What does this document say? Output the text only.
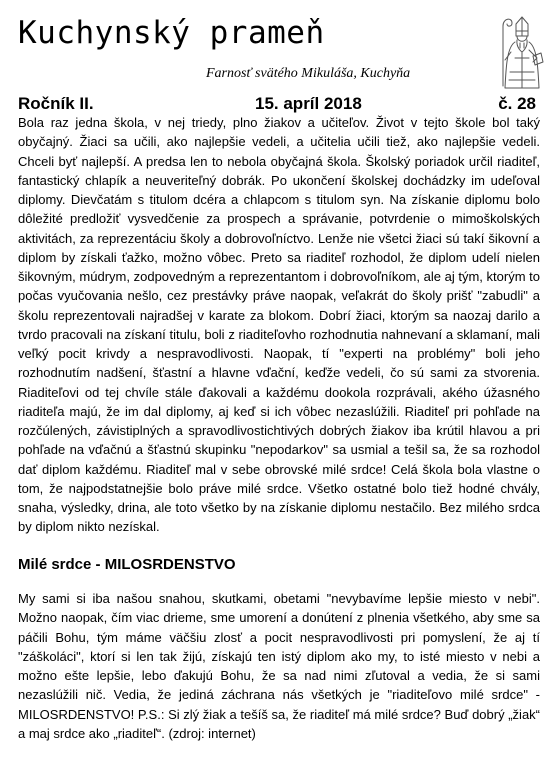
Kuchynský prameň
Farnosť svätého Mikuláša, Kuchyňa
Ročník II.	15. apríl 2018	č. 28

Bola raz jedna škola, v nej triedy, plno žiakov a učiteľov. Život v tejto škole bol taký obyčajný. Žiaci sa učili, ako najlepšie vedeli, a učitelia učili tiež, ako najlepšie vedeli. Chceli byť najlepší. A predsa len to nebola obyčajná škola. Školský poriadok určil riaditeľ, fantastický chlapík a neuveriteľný dobrák. Po ukončení školskej dochádzky im udeľoval diplomy. Dievčatám s titulom dcéra a chlapcom s titulom syn. Na získanie diplomu bolo dôležité predložiť vysvedčenie za prospech a správanie, potvrdenie o mimoškolských aktivitách, za reprezentáciu školy a dobrovoľníctvo. Lenže nie všetci žiaci sú takí šikovní a diplom by získali ťažko, možno vôbec. Preto sa riaditeľ rozhodol, že diplom udelí nielen šikovným, múdrym, zodpovedným a reprezentantom i dobrovoľníkom, ale aj tým, ktorým to počas vyučovania nešlo, cez prestávky práve naopak, veľakrát do školy prišť "zabudli" a školu reprezentovali najradšej v karate za blokom. Dobrí žiaci, ktorým sa naozaj darilo a tvrdo pracovali na získaní titulu, boli z riaditeľovho rozhodnutia nahnevaní a sklamaní, mali veľký pocit krivdy a nespravodlivosti. Naopak, tí "experti na problémy" boli jeho rozhodnutím nadšení, šťastní a hlavne vďační, keďže vedeli, čo sú sami za stvorenia. Riaditeľovi od tej chvíle stále ďakovali a každému dookola rozprávali, akého úžasného riaditeľa majú, že im dal diplomy, aj keď si ich vôbec nezaslúžili. Riaditeľ pri pohľade na rozčúlených, závistiplných a spravodlivostichtivých dobrých žiakov iba krútil hlavou a pri pohľade na vďačnú a šťastnú skupinku "nepodarkov" sa usmial a tešil sa, že sa rozhodol dať diplom každému. Riaditeľ mal v sebe obrovské milé srdce! Celá škola bola vlastne o tom, že najpodstatnejšie bolo práve milé srdce. Všetko ostatné bolo tiež hodné chvály, snaha, výsledky, drina, ale toto všetko by na získanie diplomu nestačilo. Bez milého srdca by diplom nikto nezískal.

Milé srdce - MILOSRDENSTVO

My sami si iba našou snahou, skutkami, obetami "nevybavíme lepšie miesto v nebi". Možno naopak, čím viac drieme, sme umorení a donútení z plnenia všetkého, aby sme sa páčili Bohu, tým máme väčšiu zlosť a pocit nespravodlivosti pri pomyslení, že aj tí "záškoláci", ktorí si len tak žijú, získajú ten istý diplom ako my, to isté miesto v nebi a možno ešte lepšie, lebo ďakujú Bohu, že sa nad nimi zľutoval a vedia, že si sami nezaslúžili nič. Vedia, že jediná záchrana nás všetkých je "riaditeľovo milé srdce" - MILOSRDENSTVO! P.S.: Si zlý žiak a tešíš sa, že riaditeľ má milé srdce? Buď dobrý „žiak“ a maj srdce ako „riaditeľ“. (zdroj: internet)
